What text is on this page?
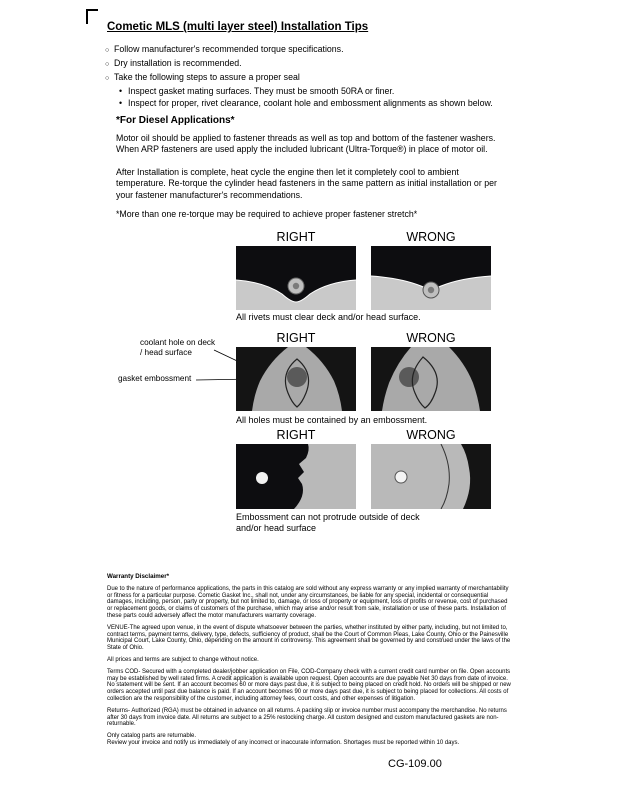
Cometic MLS (multi layer steel) Installation Tips
○ Follow manufacturer's recommended torque specifications.
○ Dry installation is recommended.
○ Take the following steps to assure a proper seal
• Inspect gasket mating surfaces. They must be smooth 50RA or finer.
• Inspect for proper, rivet clearance, coolant hole and embossment alignments as shown below.
*For Diesel Applications*

Motor oil should be applied to fastener threads as well as top and bottom of the fastener washers. When ARP fasteners are used apply the included lubricant (Ultra-Torque®) in place of motor oil.

After Installation is complete, heat cycle the engine then let it completely cool to ambient temperature. Re-torque the cylinder head fasteners in the same pattern as initial installation or per your fastener manufacturer's recommendations.

*More than one re-torque may be required to achieve proper fastener stretch*

RIGHT	WRONG

All rivets must clear deck and/or head surface.

RIGHT	WRONG
coolant hole on deck / head surface
gasket embossment

All holes must be contained by an embossment.

RIGHT	WRONG

Embossment can not protrude outside of deck and/or head surface

Warranty Disclaimer*

Due to the nature of performance applications, the parts in this catalog are sold without any express warranty or any implied warranty of merchantability or fitness for a particular purpose. Cometic Gasket Inc., shall not, under any circumstances, be liable for any special, incidental or consequential damages, including, person, party or property, but not limited to, damage, or loss of property or equipment, loss of profits or revenue, cost of purchased or replacement goods, or claims of customers of the purchase, which may arise and/or result from sale, installation or use of these parts. Installation of these parts could adversely affect the motor manufacturers warranty coverage.

VENUE-The agreed upon venue, in the event of dispute whatsoever between the parties, whether instituted by either party, including, but not limited to, contract terms, payment terms, delivery, type, defects, sufficiency of product, shall be the Court of Common Pleas, Lake County, Ohio or the Painesville Municipal Court, Lake County, Ohio, depending on the amount in controversy. This agreement shall be governed by and construed under the laws of the State of Ohio.

All prices and terms are subject to change without notice.

Terms COD- Secured with a completed dealer/jobber application on File, COD-Company check with a current credit card number on file. Open accounts may be established by well rated firms. A credit application is available upon request. Open accounts are due payable Net 30 days from date of invoice. No statement will be sent. If an account becomes 60 or more days past due, it is subject to being placed on credit hold. No orders will be shipped or new orders accepted until past due balance is paid. If an account becomes 90 or more days past due, it is subject to being placed for collections. All costs of collection are the responsibility of the customer, including attorney fees, court costs, and other expenses of litigation.

Returns- Authorized (RGA) must be obtained in advance on all returns. A packing slip or invoice number must accompany the merchandise. No returns after 30 days from invoice date. All returns are subject to a 25% restocking charge. All custom designed and custom manufactured gaskets are non-returnable.

Only catalog parts are returnable.

Review your invoice and notify us immediately of any incorrect or inaccurate information. Shortages must be reported within 10 days.

CG-109.00
